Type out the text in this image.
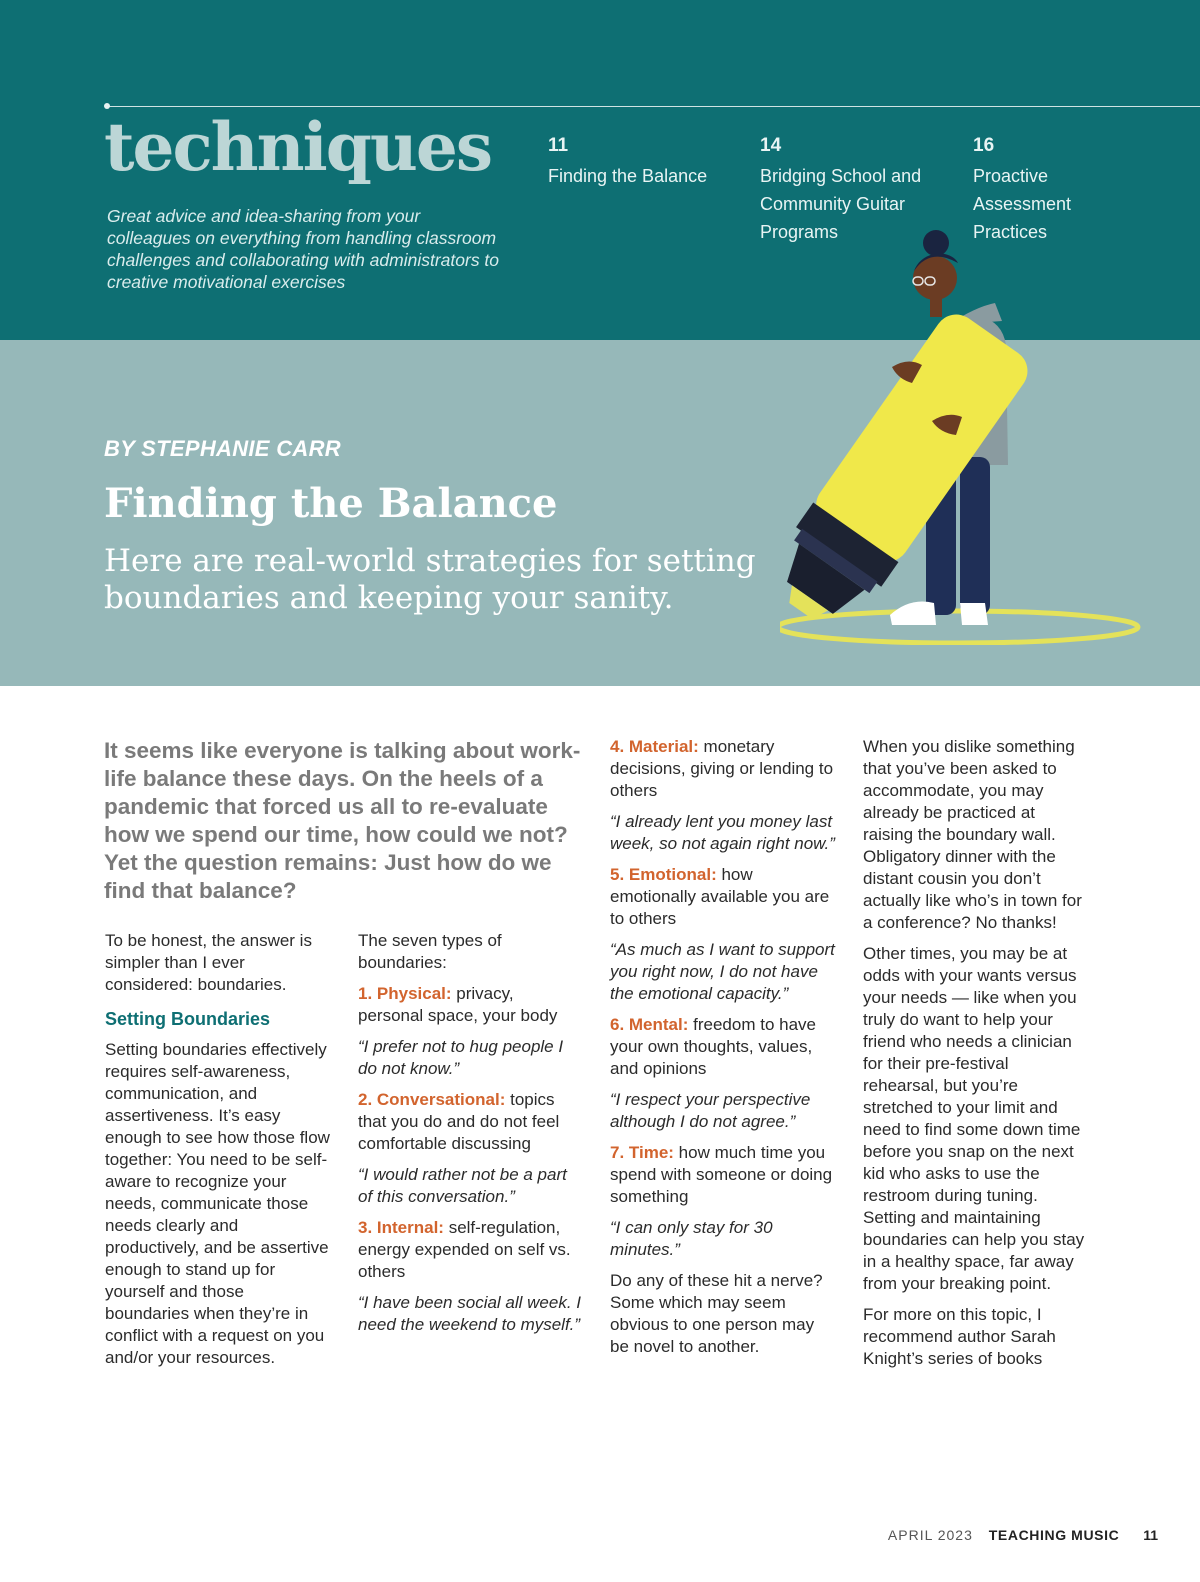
techniques
Great advice and idea-sharing from your colleagues on everything from handling classroom challenges and collaborating with administrators to creative motivational exercises
11
Finding the Balance
14
Bridging School and Community Guitar Programs
16
Proactive Assessment Practices
BY STEPHANIE CARR
Finding the Balance
Here are real-world strategies for setting boundaries and keeping your sanity.
It seems like everyone is talking about work-life balance these days. On the heels of a pandemic that forced us all to re-evaluate how we spend our time, how could we not? Yet the question remains: Just how do we find that balance?

To be honest, the answer is simpler than I ever considered: boundaries.

Setting Boundaries

Setting boundaries effectively requires self-awareness, communication, and assertiveness. It’s easy enough to see how those flow together: You need to be self-aware to recognize your needs, communicate those needs clearly and productively, and be assertive enough to stand up for yourself and those boundaries when they’re in conflict with a request on you and/or your resources.

The seven types of boundaries:

1. Physical: privacy, personal space, your body

“I prefer not to hug people I do not know.”

2. Conversational: topics that you do and do not feel comfortable discussing

“I would rather not be a part of this conversation.”

3. Internal: self-regulation, energy expended on self vs. others

“I have been social all week. I need the weekend to myself.”

4. Material: monetary decisions, giving or lending to others

“I already lent you money last week, so not again right now.”

5. Emotional: how emotionally available you are to others

“As much as I want to support you right now, I do not have the emotional capacity.”

6. Mental: freedom to have your own thoughts, values, and opinions

“I respect your perspective although I do not agree.”

7. Time: how much time you spend with someone or doing something

“I can only stay for 30 minutes.”

Do any of these hit a nerve? Some which may seem obvious to one person may be novel to another.

When you dislike something that you’ve been asked to accommodate, you may already be practiced at raising the boundary wall. Obligatory dinner with the distant cousin you don’t actually like who’s in town for a conference? No thanks!

Other times, you may be at odds with your wants versus your needs — like when you truly do want to help your friend who needs a clinician for their pre-festival rehearsal, but you’re stretched to your limit and need to find some down time before you snap on the next kid who asks to use the restroom during tuning. Setting and maintaining boundaries can help you stay in a healthy space, far away from your breaking point.

For more on this topic, I recommend author Sarah Knight’s series of books

APRIL 2023 TEACHING MUSIC 11
